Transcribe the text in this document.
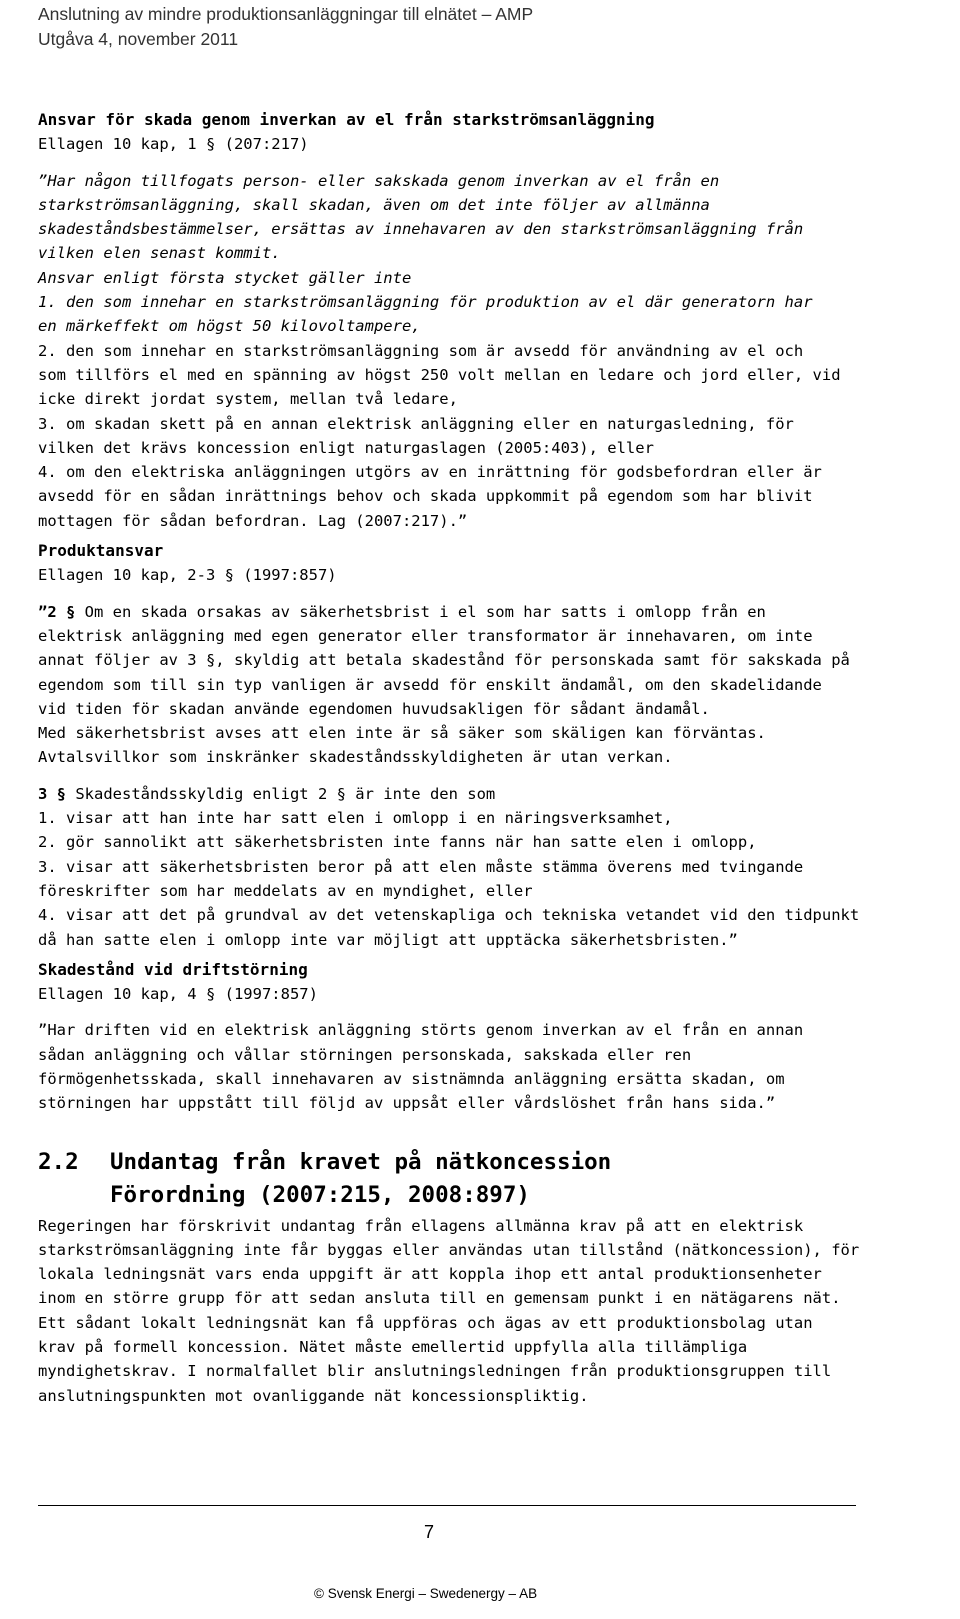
Anslutning av mindre produktionsanläggningar till elnätet – AMP
Utgåva 4, november 2011

Ansvar för skada genom inverkan av el från starkströmsanläggning

Ellagen 10 kap, 1 § (207:217)

”Har någon tillfogats person- eller sakskada genom inverkan av el från en

starkströmsanläggning, skall skadan, även om det inte följer av allmänna

skadeståndsbestämmelser, ersättas av innehavaren av den starkströmsanläggning från

vilken elen senast kommit.

Ansvar enligt första stycket gäller inte

1. den som innehar en starkströmsanläggning för produktion av el där generatorn har

en märkeffekt om högst 50 kilovoltampere,

2. den som innehar en starkströmsanläggning som är avsedd för användning av el och

som tillförs el med en spänning av högst 250 volt mellan en ledare och jord eller, vid

icke direkt jordat system, mellan två ledare,

3. om skadan skett på en annan elektrisk anläggning eller en naturgasledning, för

vilken det krävs koncession enligt naturgaslagen (2005:403), eller

4. om den elektriska anläggningen utgörs av en inrättning för godsbefordran eller är

avsedd för en sådan inrättnings behov och skada uppkommit på egendom som har blivit

mottagen för sådan befordran. Lag (2007:217).”

Produktansvar

Ellagen 10 kap, 2-3 § (1997:857)

”2 § Om en skada orsakas av säkerhetsbrist i el som har satts i omlopp från en

elektrisk anläggning med egen generator eller transformator är innehavaren, om inte

annat följer av 3 §, skyldig att betala skadestånd för personskada samt för sakskada på

egendom som till sin typ vanligen är avsedd för enskilt ändamål, om den skadelidande

vid tiden för skadan använde egendomen huvudsakligen för sådant ändamål.

Med säkerhetsbrist avses att elen inte är så säker som skäligen kan förväntas.

Avtalsvillkor som inskränker skadeståndsskyldigheten är utan verkan.

3 § Skadeståndsskyldig enligt 2 § är inte den som

1. visar att han inte har satt elen i omlopp i en näringsverksamhet,

2. gör sannolikt att säkerhetsbristen inte fanns när han satte elen i omlopp,

3. visar att säkerhetsbristen beror på att elen måste stämma överens med tvingande

föreskrifter som har meddelats av en myndighet, eller

4. visar att det på grundval av det vetenskapliga och tekniska vetandet vid den tidpunkt

då han satte elen i omlopp inte var möjligt att upptäcka säkerhetsbristen.”

Skadestånd vid driftstörning

Ellagen 10 kap, 4 § (1997:857)

”Har driften vid en elektrisk anläggning störts genom inverkan av el från en annan

sådan anläggning och vållar störningen personskada, sakskada eller ren

förmögenhetsskada, skall innehavaren av sistnämnda anläggning ersätta skadan, om

störningen har uppstått till följd av uppsåt eller vårdslöshet från hans sida.”

2.2 Undantag från kravet på nätkoncession

Förordning (2007:215, 2008:897)

Regeringen har förskrivit undantag från ellagens allmänna krav på att en elektrisk

starkströmsanläggning inte får byggas eller användas utan tillstånd (nätkoncession), för

lokala ledningsnät vars enda uppgift är att koppla ihop ett antal produktionsenheter

inom en större grupp för att sedan ansluta till en gemensam punkt i en nätägarens nät.

Ett sådant lokalt ledningsnät kan få uppföras och ägas av ett produktionsbolag utan

krav på formell koncession. Nätet måste emellertid uppfylla alla tillämpliga

myndighetskrav. I normalfallet blir anslutningsledningen från produktionsgruppen till

anslutningspunkten mot ovanliggande nät koncessionspliktig.

7
© Svensk Energi – Swedenergy – AB
